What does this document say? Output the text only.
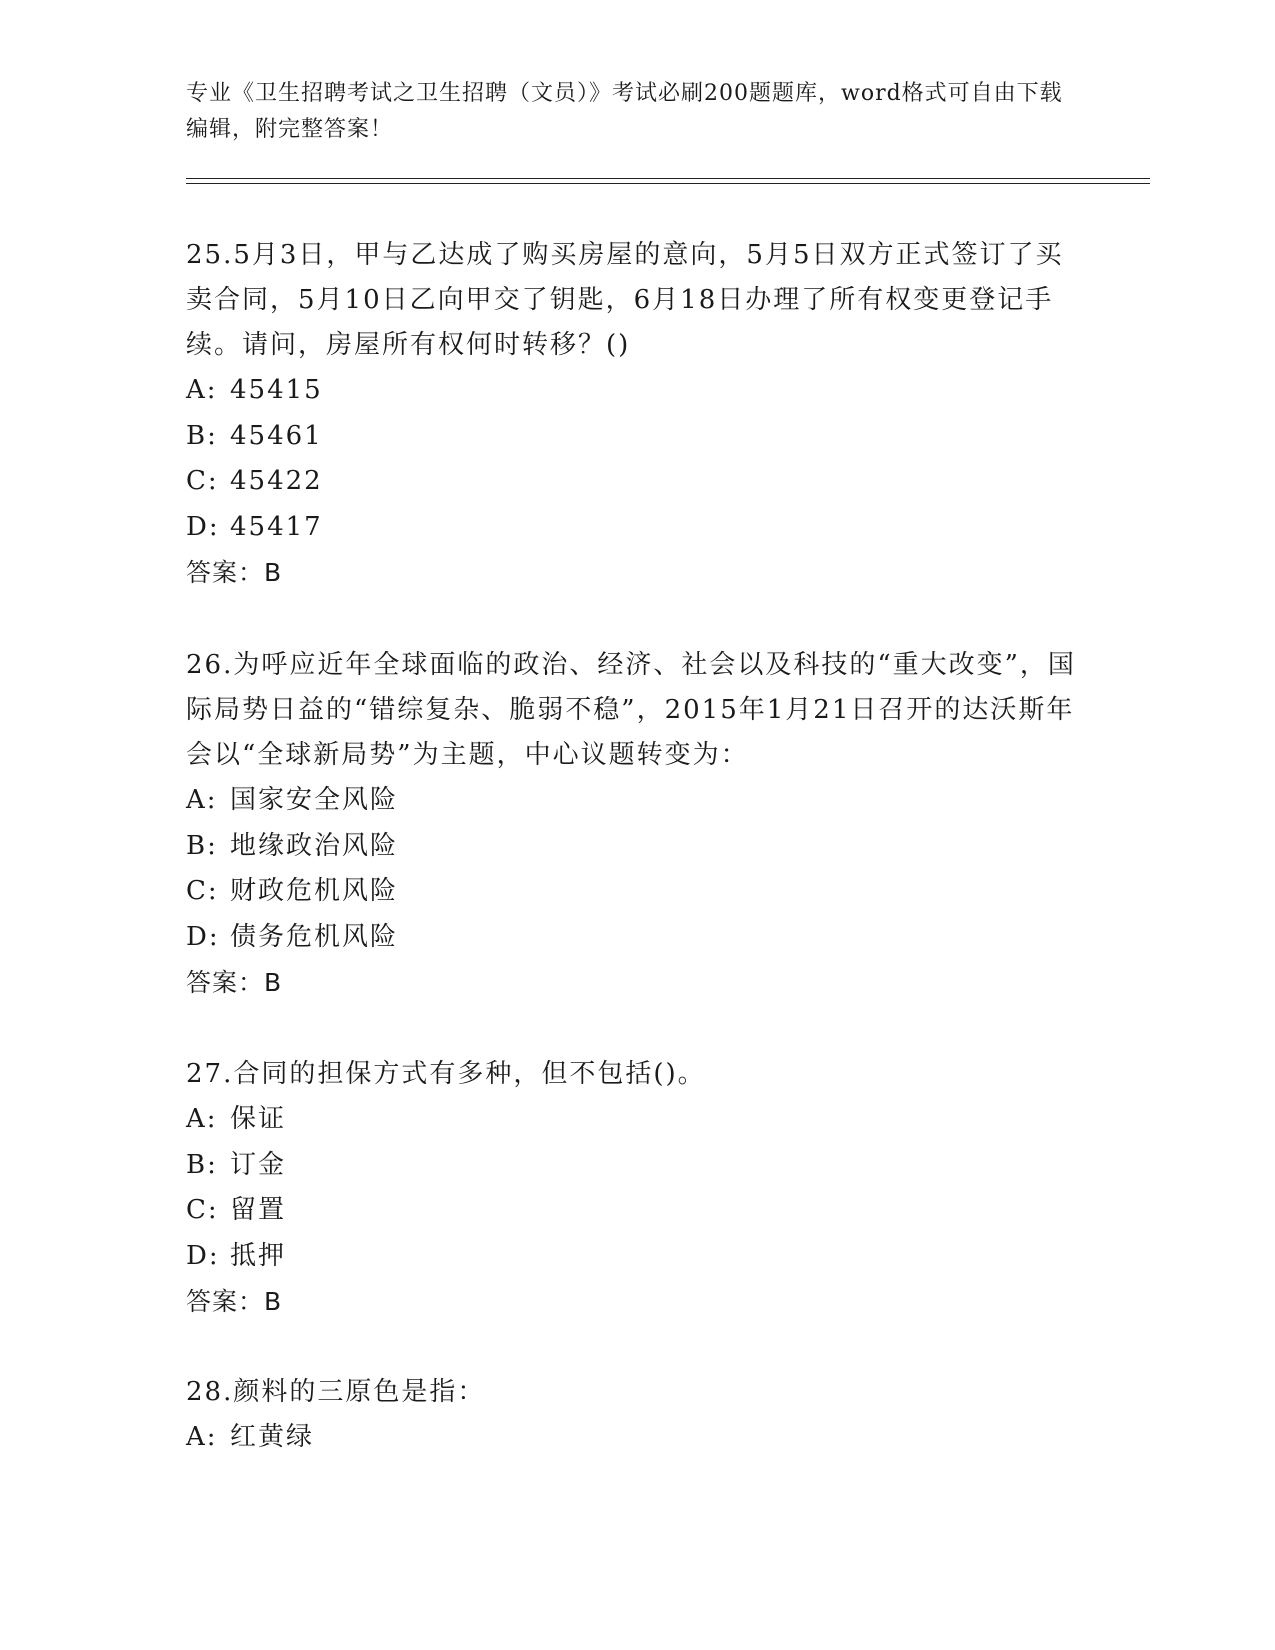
专业《卫生招聘考试之卫生招聘（文员）》考试必刷200题题库，word格式可自由下载编辑，附完整答案！

25.5月3日，甲与乙达成了购买房屋的意向，5月5日双方正式签订了买卖合同，5月10日乙向甲交了钥匙，6月18日办理了所有权变更登记手续。请问，房屋所有权何时转移？()

A: 45415

B: 45461

C: 45422

D: 45417

答案：B

26.为呼应近年全球面临的政治、经济、社会以及科技的“重大改变”，国际局势日益的“错综复杂、脆弱不稳”，2015年1月21日召开的达沃斯年会以“全球新局势”为主题，中心议题转变为：

A: 国家安全风险

B: 地缘政治风险

C: 财政危机风险

D: 债务危机风险

答案：B

27.合同的担保方式有多种，但不包括()。

A: 保证

B: 订金

C: 留置

D: 抵押

答案：B

28.颜料的三原色是指：

A: 红黄绿
